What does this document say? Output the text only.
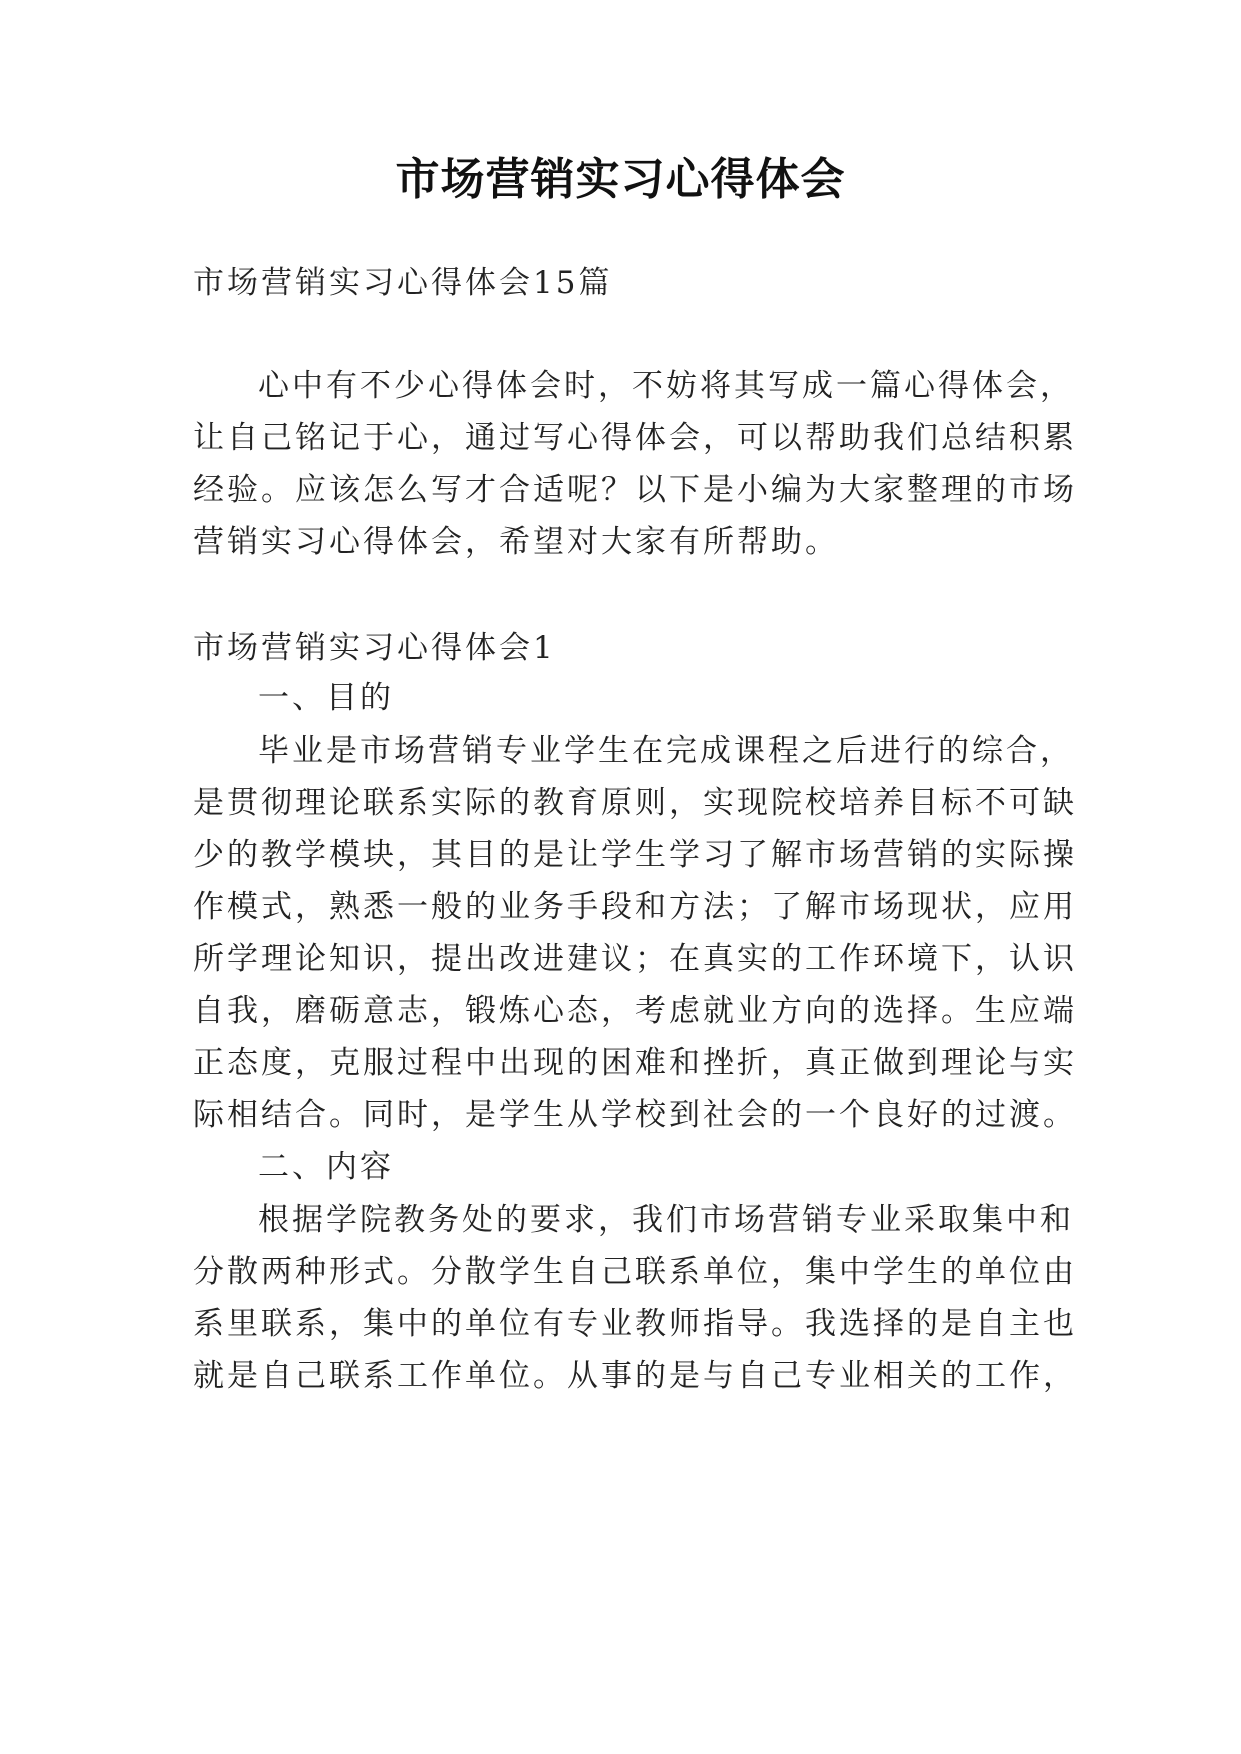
市场营销实习心得体会
市场营销实习心得体会15篇
心中有不少心得体会时，不妨将其写成一篇心得体会，
让自己铭记于心，通过写心得体会，可以帮助我们总结积累
经验。应该怎么写才合适呢？以下是小编为大家整理的市场
营销实习心得体会，希望对大家有所帮助。
市场营销实习心得体会1
一、目的
毕业是市场营销专业学生在完成课程之后进行的综合，
是贯彻理论联系实际的教育原则，实现院校培养目标不可缺
少的教学模块，其目的是让学生学习了解市场营销的实际操
作模式，熟悉一般的业务手段和方法；了解市场现状，应用
所学理论知识，提出改进建议；在真实的工作环境下，认识
自我，磨砺意志，锻炼心态，考虑就业方向的选择。生应端
正态度，克服过程中出现的困难和挫折，真正做到理论与实
际相结合。同时，是学生从学校到社会的一个良好的过渡。
二、内容
根据学院教务处的要求，我们市场营销专业采取集中和
分散两种形式。分散学生自己联系单位，集中学生的单位由
系里联系，集中的单位有专业教师指导。我选择的是自主也
就是自己联系工作单位。从事的是与自己专业相关的工作，
